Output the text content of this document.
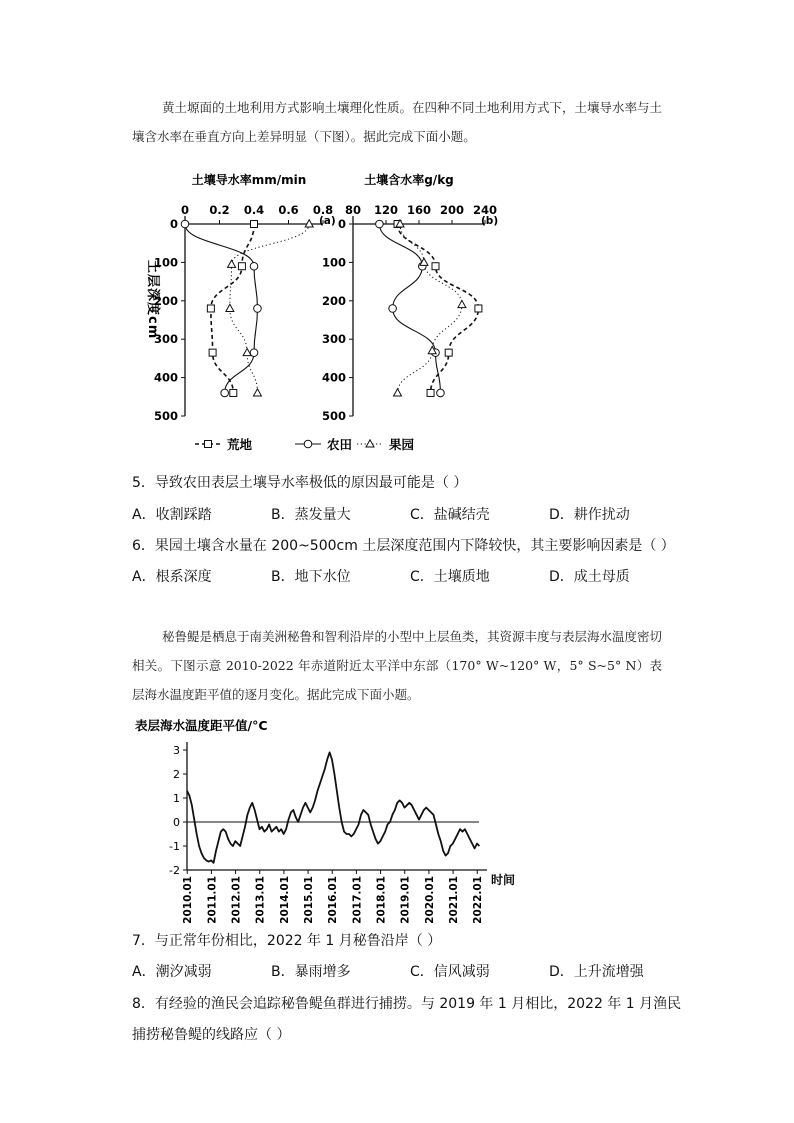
黄土塬面的土地利用方式影响土壤理化性质。在四种不同土地利用方式下，土壤导水率与土壤含水率在垂直方向上差异明显（下图）。据此完成下面小题。

土层深度cm
土壤导水率mm/min
0 0.2 0.4 0.6 0.8
(a)
0
100
200
300
400
500
土壤含水率g/kg
80 120 160 200 240
(b)
0
100
200
300
400
500
荒地	农田	果园
5．导致农田表层土壤导水率极低的原因最可能是（ ）
A．收割踩踏	B．蒸发量大	C．盐碱结壳	D．耕作扰动
6．果园土壤含水量在 200~500cm 土层深度范围内下降较快，其主要影响因素是（ ）
A．根系深度	B．地下水位	C．土壤质地	D．成土母质

秘鲁鳀是栖息于南美洲秘鲁和智利沿岸的小型中上层鱼类，其资源丰度与表层海水温度密切相关。下图示意 2010-2022 年赤道附近太平洋中东部（170° W~120° W，5° S~5° N）表层海水温度距平值的逐月变化。据此完成下面小题。

表层海水温度距平值/°C
3
2
1
0
-1
-2
2010.01 2011.01 2012.01 2013.01 2014.01 2015.01 2016.01 2017.01 2018.01 2019.01 2020.01 2021.01 2022.01 时间
7．与正常年份相比，2022 年 1 月秘鲁沿岸（ ）
A．潮汐减弱	B．暴雨增多	C．信风减弱	D．上升流增强
8．有经验的渔民会追踪秘鲁鳀鱼群进行捕捞。与 2019 年 1 月相比，2022 年 1 月渔民
捕捞秘鲁鳀的线路应（ ）
